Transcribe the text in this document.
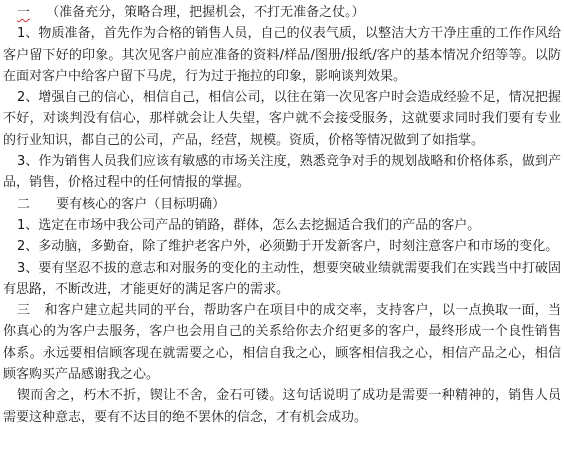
一 （准备充分，策略合理，把握机会，不打无准备之仗。）

1、物质准备，首先作为合格的销售人员，自己的仪表气质，以整洁大方干净庄重的工作作风给客户留下好的印象。其次见客户前应准备的资料/样品/图册/报纸/客户的基本情况介绍等等。以防在面对客户中给客户留下马虎，行为过于拖拉的印象，影响谈判效果。

2、增强自己的信心，相信自己，相信公司，以往在第一次见客户时会造成经验不足，情况把握不好，对谈判没有信心，那样就会让人失望，客户就不会接受服务，这就要求同时我们要有专业的行业知识，都自己的公司，产品，经营，规模。资质，价格等情况做到了如指掌。

3、作为销售人员我们应该有敏感的市场关注度，熟悉竞争对手的规划战略和价格体系，做到产品，销售，价格过程中的任何情报的掌握。

二 要有核心的客户（目标明确）

1、选定在市场中我公司产品的销路，群体，怎么去挖掘适合我们的产品的客户。

2、多动脑，多勤奋，除了维护老客户外，必须勤于开发新客户，时刻注意客户和市场的变化。

3、要有坚忍不拔的意志和对服务的变化的主动性，想要突破业绩就需要我们在实践当中打破固有思路，不断改进，才能更好的满足客户的需求。

三 和客户建立起共同的平台，帮助客户在项目中的成交率，支持客户，以一点换取一面，当你真心的为客户去服务，客户也会用自己的关系给你去介绍更多的客户，最终形成一个良性销售体系。永远要相信顾客现在就需要之心，相信自我之心，顾客相信我之心，相信产品之心，相信顾客购买产品感谢我之心。

锲而舍之，朽木不折，锲让不舍，金石可镂。这句话说明了成功是需要一种精神的，销售人员需要这种意志，要有不达目的绝不罢休的信念，才有机会成功。
